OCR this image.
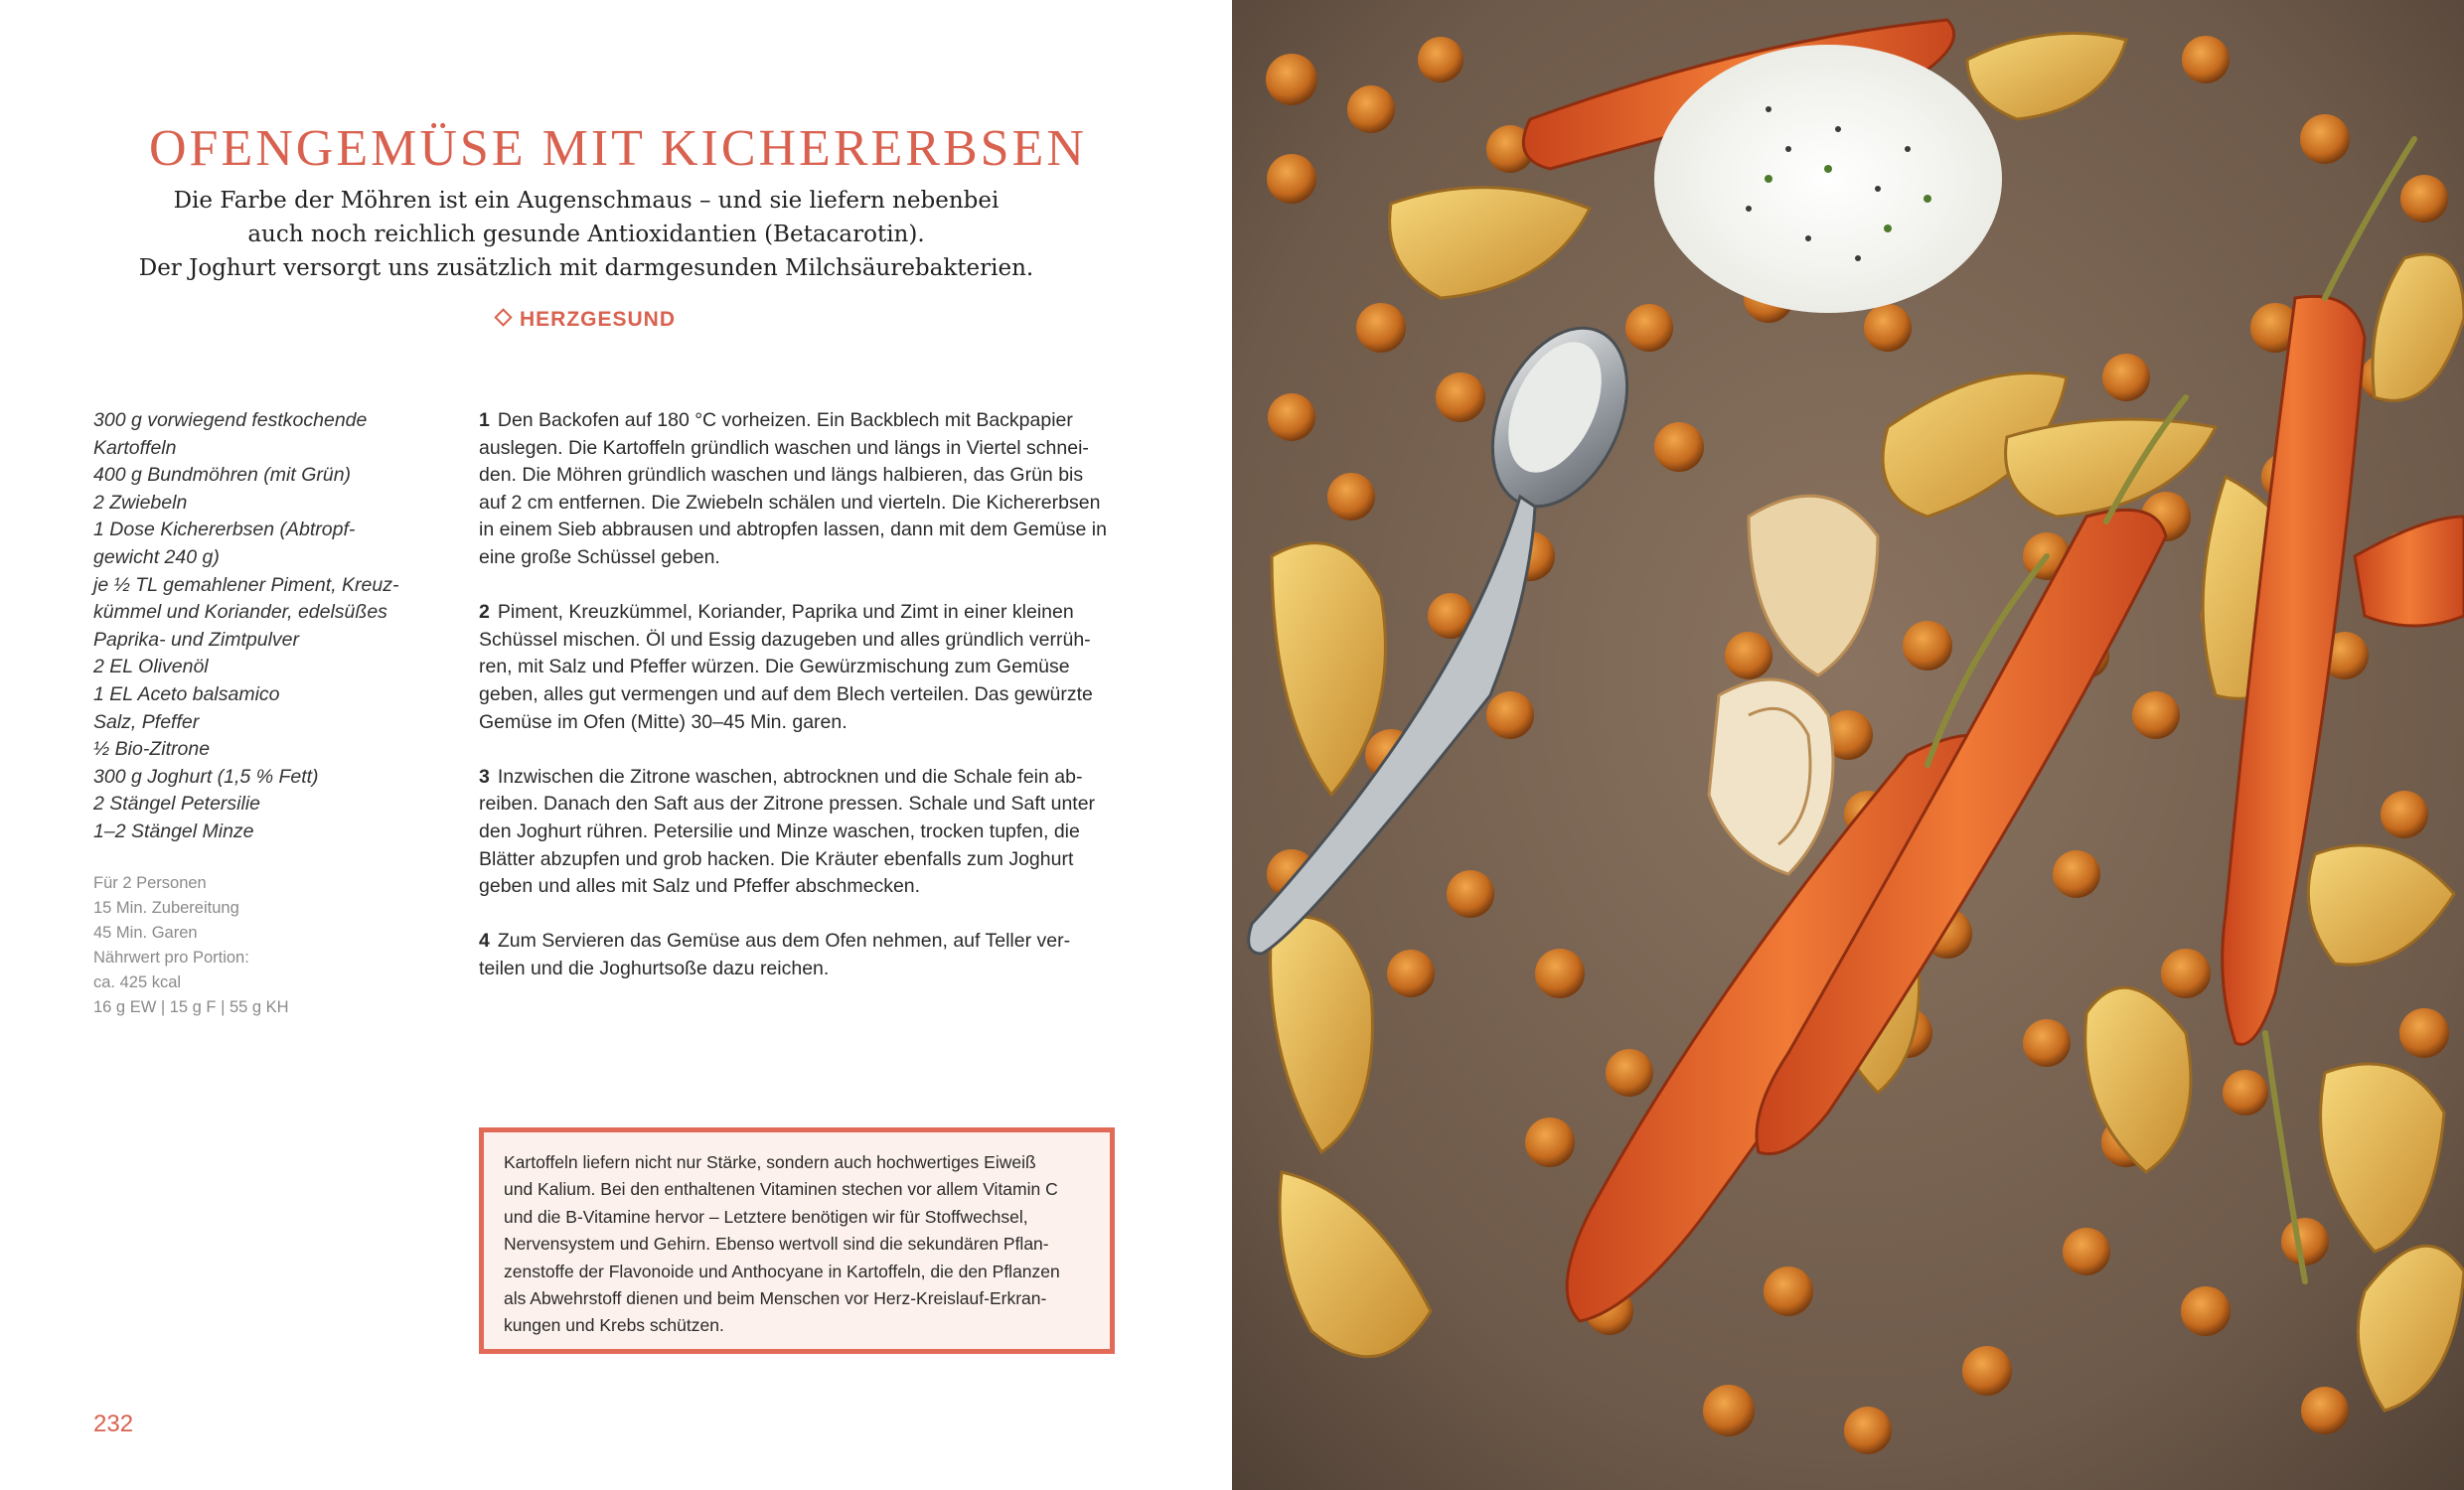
OFENGEMÜSE MIT KICHERERBSEN
Die Farbe der Möhren ist ein Augenschmaus – und sie liefern nebenbei
auch noch reichlich gesunde Antioxidantien (Betacarotin).
Der Joghurt versorgt uns zusätzlich mit darmgesunden Milchsäurebakterien.
HERZGESUND
300 g vorwiegend festkochende
Kartoffeln
400 g Bundmöhren (mit Grün)
2 Zwiebeln
1 Dose Kichererbsen (Abtropf-
gewicht 240 g)
je ½ TL gemahlener Piment, Kreuz-
kümmel und Koriander, edelsüßes
Paprika- und Zimtpulver
2 EL Olivenöl
1 EL Aceto balsamico
Salz, Pfeffer
½ Bio-Zitrone
300 g Joghurt (1,5 % Fett)
2 Stängel Petersilie
1–2 Stängel Minze
Für 2 Personen
15 Min. Zubereitung
45 Min. Garen
Nährwert pro Portion:
ca. 425 kcal
16 g EW | 15 g F | 55 g KH
1 Den Backofen auf 180 °C vorheizen. Ein Backblech mit Backpapier
auslegen. Die Kartoffeln gründlich waschen und längs in Viertel schnei-
den. Die Möhren gründlich waschen und längs halbieren, das Grün bis
auf 2 cm entfernen. Die Zwiebeln schälen und vierteln. Die Kichererbsen
in einem Sieb abbrausen und abtropfen lassen, dann mit dem Gemüse in
eine große Schüssel geben.
2 Piment, Kreuzkümmel, Koriander, Paprika und Zimt in einer kleinen
Schüssel mischen. Öl und Essig dazugeben und alles gründlich verrüh-
ren, mit Salz und Pfeffer würzen. Die Gewürzmischung zum Gemüse
geben, alles gut vermengen und auf dem Blech verteilen. Das gewürzte
Gemüse im Ofen (Mitte) 30–45 Min. garen.
3 Inzwischen die Zitrone waschen, abtrocknen und die Schale fein ab-
reiben. Danach den Saft aus der Zitrone pressen. Schale und Saft unter
den Joghurt rühren. Petersilie und Minze waschen, trocken tupfen, die
Blätter abzupfen und grob hacken. Die Kräuter ebenfalls zum Joghurt
geben und alles mit Salz und Pfeffer abschmecken.
4 Zum Servieren das Gemüse aus dem Ofen nehmen, auf Teller ver-
teilen und die Joghurtsoße dazu reichen.
Kartoffeln liefern nicht nur Stärke, sondern auch hochwertiges Eiweiß
und Kalium. Bei den enthaltenen Vitaminen stechen vor allem Vitamin C
und die B-Vitamine hervor – Letztere benötigen wir für Stoffwechsel,
Nervensystem und Gehirn. Ebenso wertvoll sind die sekundären Pflan-
zenstoffe der Flavonoide und Anthocyane in Kartoffeln, die den Pflanzen
als Abwehrstoff dienen und beim Menschen vor Herz-Kreislauf-Erkran-
kungen und Krebs schützen.
232
